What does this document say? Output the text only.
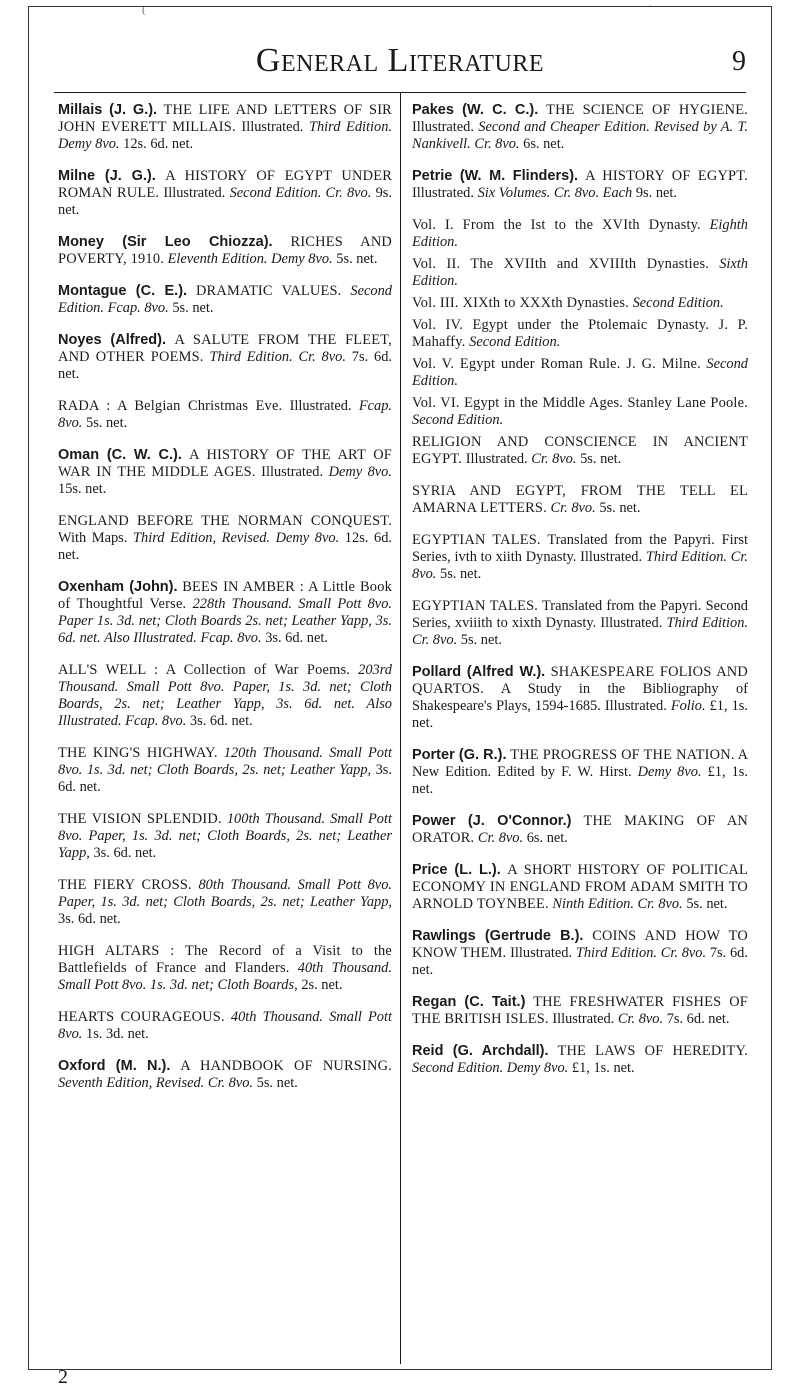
(	´
General Literature	9

Millais (J. G.). THE LIFE AND LETTERS OF SIR JOHN EVERETT MILLAIS. Illustrated. Third Edition. Demy 8vo. 12s. 6d. net.

Milne (J. G.). A HISTORY OF EGYPT UNDER ROMAN RULE. Illustrated. Second Edition. Cr. 8vo. 9s. net.

Money (Sir Leo Chiozza). RICHES AND POVERTY, 1910. Eleventh Edition. Demy 8vo. 5s. net.

Montague (C. E.). DRAMATIC VALUES. Second Edition. Fcap. 8vo. 5s. net.

Noyes (Alfred). A SALUTE FROM THE FLEET, AND OTHER POEMS. Third Edition. Cr. 8vo. 7s. 6d. net.

RADA : A Belgian Christmas Eve. Illustrated. Fcap. 8vo. 5s. net.

Oman (C. W. C.). A HISTORY OF THE ART OF WAR IN THE MIDDLE AGES. Illustrated. Demy 8vo. 15s. net.

ENGLAND BEFORE THE NORMAN CONQUEST. With Maps. Third Edition, Revised. Demy 8vo. 12s. 6d. net.

Oxenham (John). BEES IN AMBER : A Little Book of Thoughtful Verse. 228th Thousand. Small Pott 8vo. Paper 1s. 3d. net; Cloth Boards 2s. net; Leather Yapp, 3s. 6d. net. Also Illustrated. Fcap. 8vo. 3s. 6d. net.

ALL'S WELL : A Collection of War Poems. 203rd Thousand. Small Pott 8vo. Paper, 1s. 3d. net; Cloth Boards, 2s. net; Leather Yapp, 3s. 6d. net. Also Illustrated. Fcap. 8vo. 3s. 6d. net.

THE KING'S HIGHWAY. 120th Thousand. Small Pott 8vo. 1s. 3d. net; Cloth Boards, 2s. net; Leather Yapp, 3s. 6d. net.

THE VISION SPLENDID. 100th Thousand. Small Pott 8vo. Paper, 1s. 3d. net; Cloth Boards, 2s. net; Leather Yapp, 3s. 6d. net.

THE FIERY CROSS. 80th Thousand. Small Pott 8vo. Paper, 1s. 3d. net; Cloth Boards, 2s. net; Leather Yapp, 3s. 6d. net.

HIGH ALTARS : The Record of a Visit to the Battlefields of France and Flanders. 40th Thousand. Small Pott 8vo. 1s. 3d. net; Cloth Boards, 2s. net.

HEARTS COURAGEOUS. 40th Thousand. Small Pott 8vo. 1s. 3d. net.

Oxford (M. N.). A HANDBOOK OF NURSING. Seventh Edition, Revised. Cr. 8vo. 5s. net.

Pakes (W. C. C.). THE SCIENCE OF HYGIENE. Illustrated. Second and Cheaper Edition. Revised by A. T. Nankivell. Cr. 8vo. 6s. net.

Petrie (W. M. Flinders). A HISTORY OF EGYPT. Illustrated. Six Volumes. Cr. 8vo. Each 9s. net.

Vol. I. From the Ist to the XVIth Dynasty. Eighth Edition.

Vol. II. The XVIIth and XVIIIth Dynasties. Sixth Edition.

Vol. III. XIXth to XXXth Dynasties. Second Edition.

Vol. IV. Egypt under the Ptolemaic Dynasty. J. P. Mahaffy. Second Edition.

Vol. V. Egypt under Roman Rule. J. G. Milne. Second Edition.

Vol. VI. Egypt in the Middle Ages. Stanley Lane Poole. Second Edition.

RELIGION AND CONSCIENCE IN ANCIENT EGYPT. Illustrated. Cr. 8vo. 5s. net.

SYRIA AND EGYPT, FROM THE TELL EL AMARNA LETTERS. Cr. 8vo. 5s. net.

EGYPTIAN TALES. Translated from the Papyri. First Series, ivth to xiith Dynasty. Illustrated. Third Edition. Cr. 8vo. 5s. net.

EGYPTIAN TALES. Translated from the Papyri. Second Series, xviiith to xixth Dynasty. Illustrated. Third Edition. Cr. 8vo. 5s. net.

Pollard (Alfred W.). SHAKESPEARE FOLIOS AND QUARTOS. A Study in the Bibliography of Shakespeare's Plays, 1594-1685. Illustrated. Folio. £1, 1s. net.

Porter (G. R.). THE PROGRESS OF THE NATION. A New Edition. Edited by F. W. Hirst. Demy 8vo. £1, 1s. net.

Power (J. O'Connor.) THE MAKING OF AN ORATOR. Cr. 8vo. 6s. net.

Price (L. L.). A SHORT HISTORY OF POLITICAL ECONOMY IN ENGLAND FROM ADAM SMITH TO ARNOLD TOYNBEE. Ninth Edition. Cr. 8vo. 5s. net.

Rawlings (Gertrude B.). COINS AND HOW TO KNOW THEM. Illustrated. Third Edition. Cr. 8vo. 7s. 6d. net.

Regan (C. Tait.) THE FRESHWATER FISHES OF THE BRITISH ISLES. Illustrated. Cr. 8vo. 7s. 6d. net.

Reid (G. Archdall). THE LAWS OF HEREDITY. Second Edition. Demy 8vo. £1, 1s. net.

2
